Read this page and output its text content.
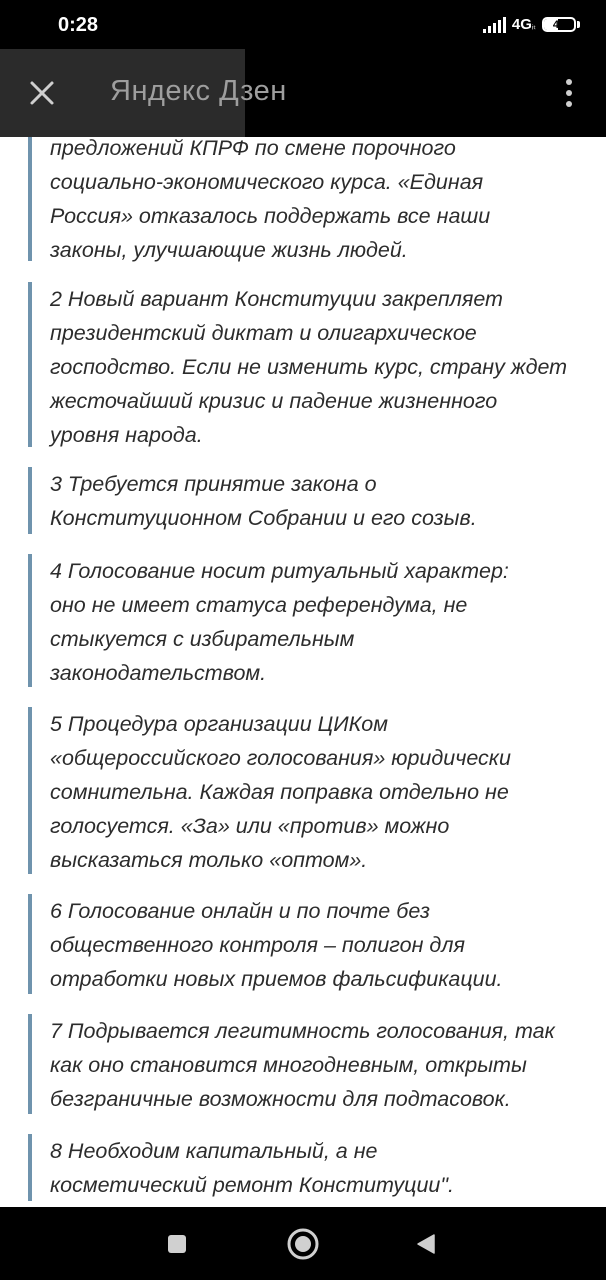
0:28	4Gᵢₜ	47
Яндекс Дзен
предложений КПРФ по смене порочного
социально-экономического курса. «Единая
Россия» отказалось поддержать все наши
законы, улучшающие жизнь людей.
2 Новый вариант Конституции закрепляет
президентский диктат и олигархическое
господство. Если не изменить курс, страну ждет
жесточайший кризис и падение жизненного
уровня народа.
3 Требуется принятие закона о
Конституционном Собрании и его созыв.
4 Голосование носит ритуальный характер:
оно не имеет статуса референдума, не
стыкуется с избирательным
законодательством.
5 Процедура организации ЦИКом
«общероссийского голосования» юридически
сомнительна. Каждая поправка отдельно не
голосуется. «За» или «против» можно
высказаться только «оптом».
6 Голосование онлайн и по почте без
общественного контроля – полигон для
отработки новых приемов фальсификации.
7 Подрывается легитимность голосования, так
как оно становится многодневным, открыты
безграничные возможности для подтасовок.
8 Необходим капитальный, а не
косметический ремонт Конституции".
